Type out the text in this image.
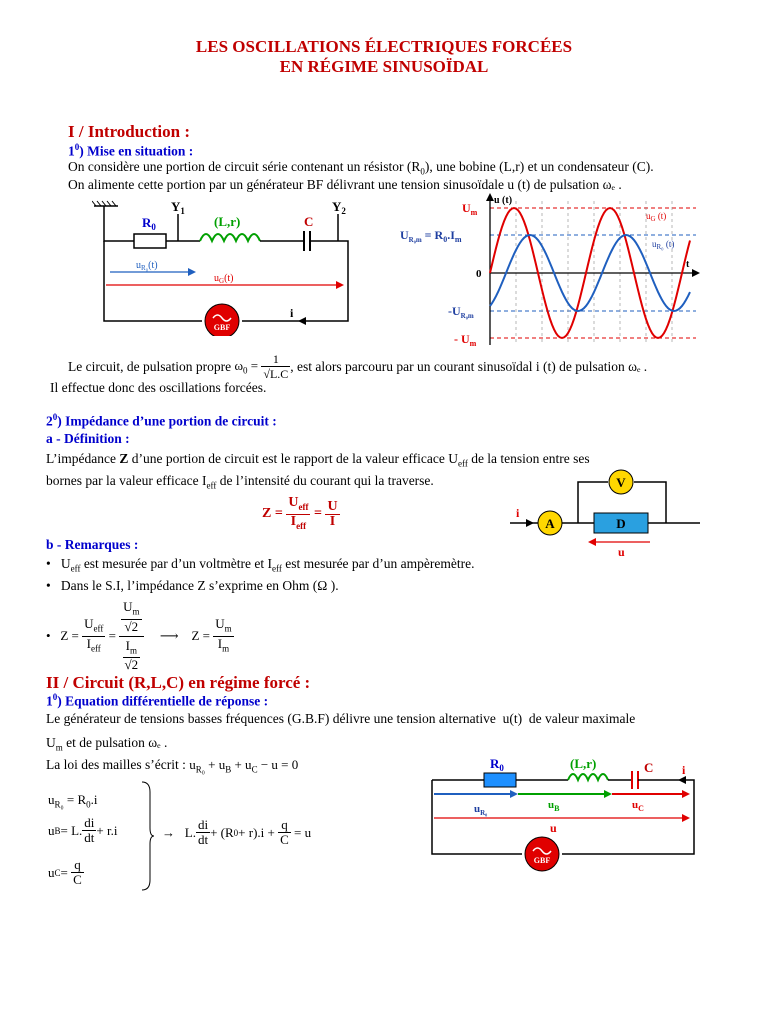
LES OSCILLATIONS ÉLECTRIQUES FORCÉES
EN RÉGIME SINUSOÏDAL
I / Introduction :
$1^0$) Mise en situation :
On considère une portion de circuit série contenant un résistor $(R_0)$, une bobine (L,r) et un condensateur (C).
On alimente cette portion par un générateur BF délivrant une tension sinusoïdale u (t) de pulsation ωₑ .
$Y_1$	$Y_2$
$R_0$	(L,r)	C
$u_{R_0}(t)$
$u_G(t)$
GBF
i
u (t)
$U_m$
$U_{R_0m} = R_0.I_m$
0
$-U_{R_0m}$
- $U_m$
t
$u_G$ (t)
$u_{R_0}$ (t)
Le circuit, de pulsation propre
$\omega_0 = \frac{1}{√L.C}$ , est alors parcouru par un courant sinusoïdal i (t) de pulsation
ωₑ .
Il effectue donc des oscillations forcées.
$2^0$) Impédance d’une portion de circuit :
a - Définition :
L’impédance Z d’une portion de circuit est le rapport de la valeur efficace $U_{eff}$ de la tension entre ses
bornes par la valeur efficace $I_{eff}$ de l’intensité du courant qui la traverse.
Z =
$\frac{U_{eff}}{I_{eff}}$
=
$\frac{U}{I}$	i
A	D
V
u
b - Remarques :
•   $U_{eff}$ est mesurée par d’un voltmètre et $I_{eff}$ est mesurée par d’un ampèremètre.
•   Dans le S.I, l’impédance Z s’exprime en Ohm (Ω ).
• Z =
$\frac{U_{eff}}{I_{eff}}$
=
$\frac{\frac{U_m}{√2}}{\frac{I_m}{√2}}$
⟶
Z =
$\frac{U_m}{I_m}$
II / Circuit (R,L,C) en régime forcé :
$1^0$) Equation différentielle de réponse :
Le générateur de tensions basses fréquences (G.B.F) délivre une tension alternative u(t) de valeur maximale
$U_m$ et de pulsation ωₑ .
La loi des mailles s’écrit : $u_{R_0} + u_B + u_C - u = 0$
$u_{R_0} = R_0.i$
u B = L. $\frac{di}{dt} + r.i$
u C =
$\frac{q}{C}$
→
L. $\frac{di}{dt} + (R$ 0 + r).i +
$\frac{q}{C}$
= u
i
$R_0$	(L,r)	C
$u_{R_0}$
$u_B$	$u_C$
u
GBF
